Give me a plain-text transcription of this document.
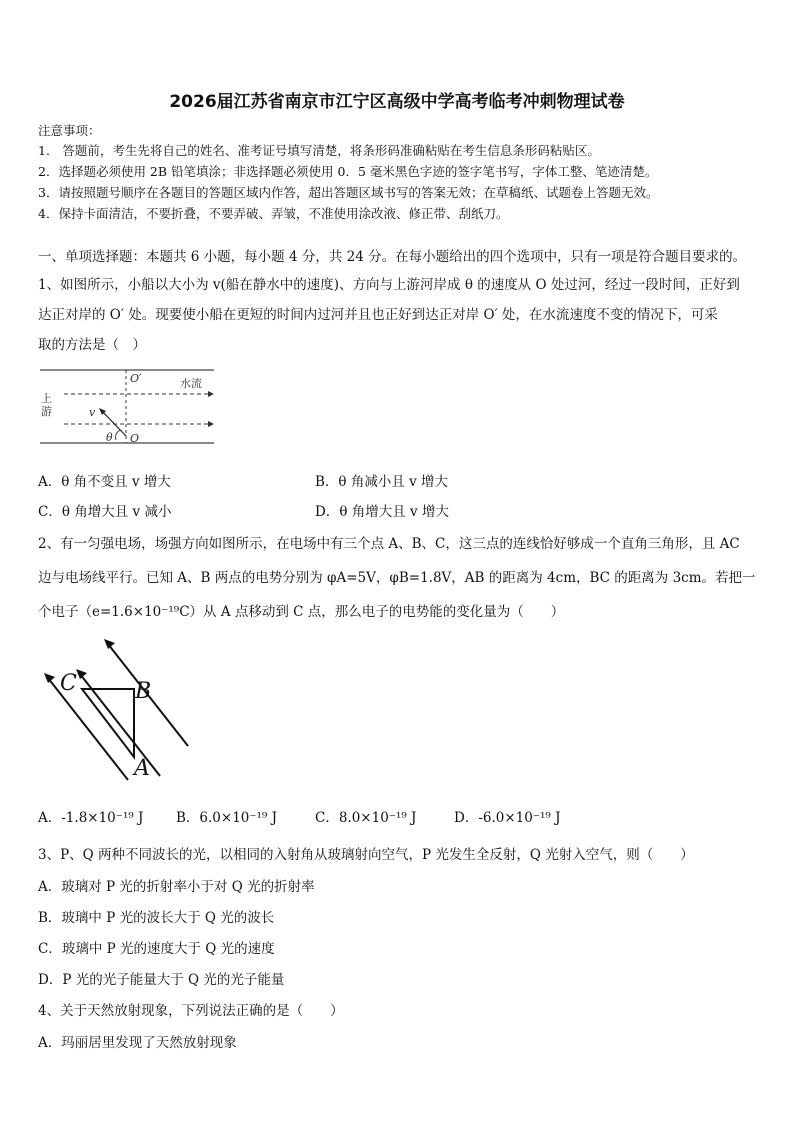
2026届江苏省南京市江宁区高级中学高考临考冲刺物理试卷
注意事项：
1.　答题前，考生先将自己的姓名、准考证号填写清楚，将条形码准确粘贴在考生信息条形码粘贴区。
2．选择题必须使用 2B 铅笔填涂；非选择题必须使用 0．5 毫米黑色字迹的签字笔书写，字体工整、笔迹清楚。
3．请按照题号顺序在各题目的答题区域内作答，超出答题区域书写的答案无效；在草稿纸、试题卷上答题无效。
4．保持卡面清洁，不要折叠，不要弄破、弄皱，不准使用涂改液、修正带、刮纸刀。
一、单项选择题：本题共 6 小题，每小题 4 分，共 24 分。在每小题给出的四个选项中，只有一项是符合题目要求的。
1、如图所示，小船以大小为 v(船在静水中的速度)、方向与上游河岸成 θ 的速度从 O 处过河，经过一段时间，正好到
达正对岸的 O′ 处。现要使小船在更短的时间内过河并且也正好到达正对岸 O′ 处，在水流速度不变的情况下，可采
取的方法是（　）
O′	水流
上
游	v
θ O
A．θ 角不变且 v 增大	B．θ 角减小且 v 增大
C．θ 角增大且 v 减小	D．θ 角增大且 v 增大
2、有一匀强电场，场强方向如图所示，在电场中有三个点 A、B、C，这三点的连线恰好够成一个直角三角形，且 AC
边与电场线平行。已知 A、B 两点的电势分别为 φA=5V，φB=1.8V，AB 的距离为 4cm，BC 的距离为 3cm。若把一
个电子（e=1.6×10⁻¹⁹C）从 A 点移动到 C 点，那么电子的电势能的变化量为（　　）
C	B
A
A．-1.8×10⁻¹⁹ J B．6.0×10⁻¹⁹ J	C．8.0×10⁻¹⁹ J	D．-6.0×10⁻¹⁹ J
3、P、Q 两种不同波长的光，以相同的入射角从玻璃射向空气，P 光发生全反射，Q 光射入空气，则（　　）
A．玻璃对 P 光的折射率小于对 Q 光的折射率
B．玻璃中 P 光的波长大于 Q 光的波长
C．玻璃中 P 光的速度大于 Q 光的速度
D．P 光的光子能量大于 Q 光的光子能量
4、关于天然放射现象，下列说法正确的是（　　）
A．玛丽居里发现了天然放射现象
